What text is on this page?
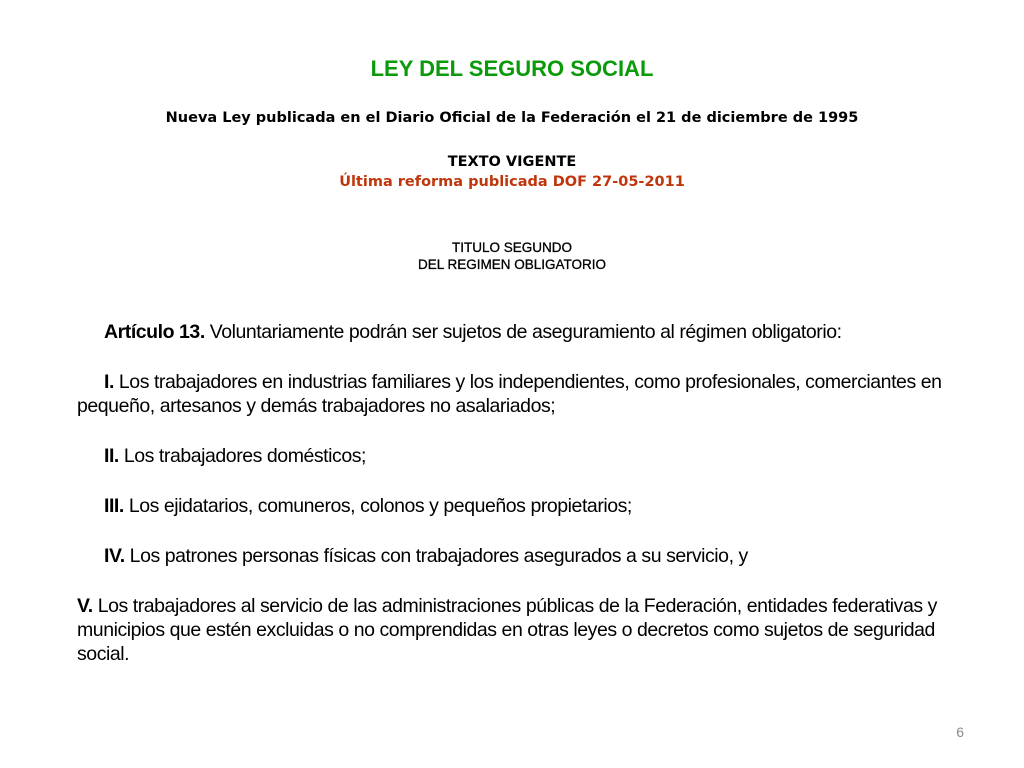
LEY DEL SEGURO SOCIAL

Nueva Ley publicada en el Diario Oficial de la Federación el 21 de diciembre de 1995

TEXTO VIGENTE
Última reforma publicada DOF 27-05-2011

TITULO SEGUNDO
DEL REGIMEN OBLIGATORIO

Artículo 13. Voluntariamente podrán ser sujetos de aseguramiento al régimen obligatorio:

I. Los trabajadores en industrias familiares y los independientes, como profesionales, comerciantes en pequeño, artesanos y demás trabajadores no asalariados;

II. Los trabajadores domésticos;

III. Los ejidatarios, comuneros, colonos y pequeños propietarios;

IV. Los patrones personas físicas con trabajadores asegurados a su servicio, y

V. Los trabajadores al servicio de las administraciones públicas de la Federación, entidades federativas y municipios que estén excluidas o no comprendidas en otras leyes o decretos como sujetos de seguridad social.

6
